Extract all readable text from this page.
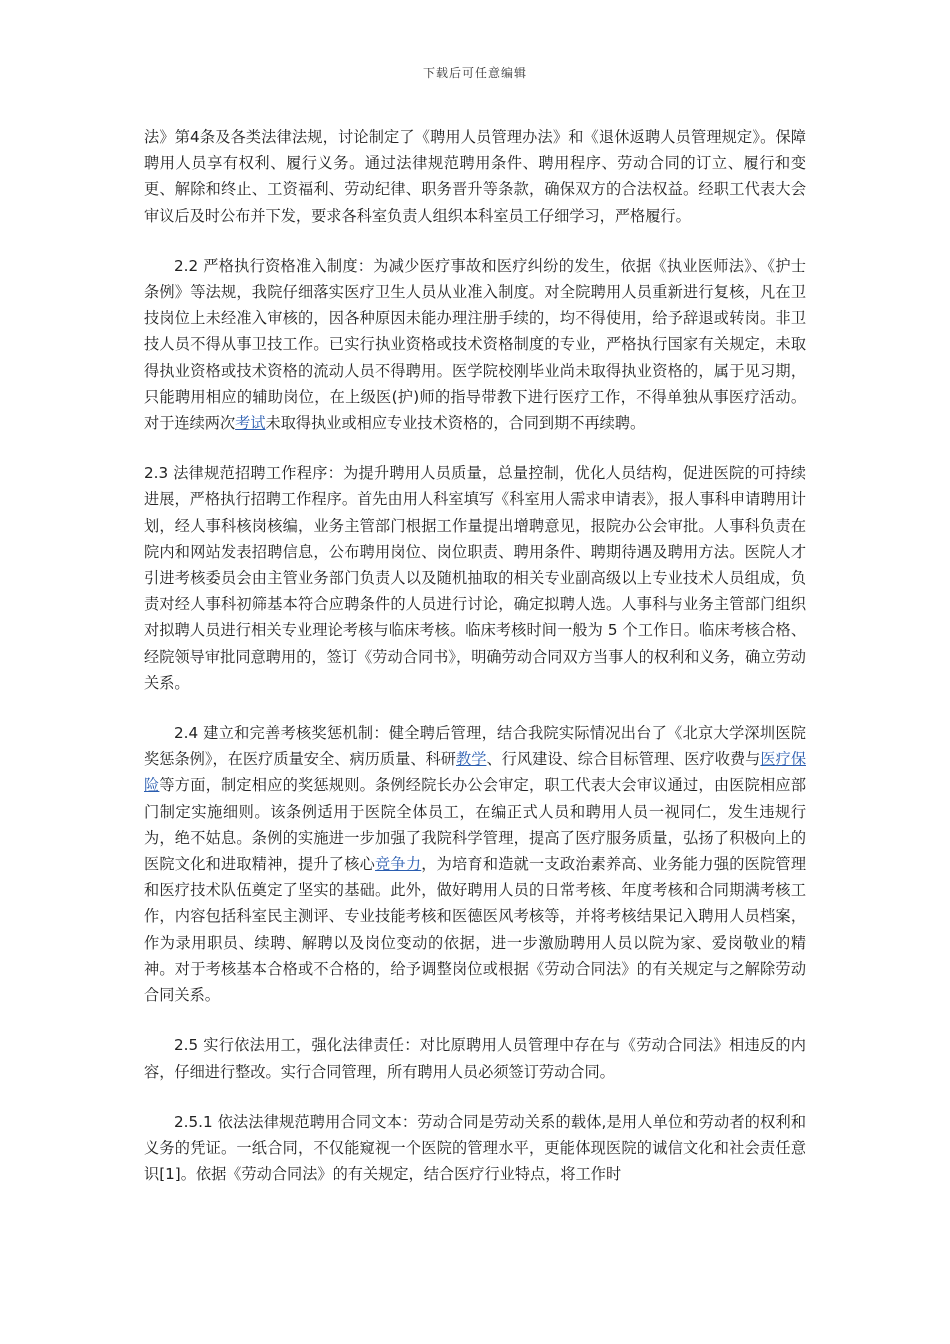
下载后可任意编辑

法》第4条及各类法律法规，讨论制定了《聘用人员管理办法》和《退休返聘人员管理规定》。保障聘用人员享有权利、履行义务。通过法律规范聘用条件、聘用程序、劳动合同的订立、履行和变更、解除和终止、工资福利、劳动纪律、职务晋升等条款，确保双方的合法权益。经职工代表大会审议后及时公布并下发，要求各科室负责人组织本科室员工仔细学习，严格履行。

2.2 严格执行资格准入制度：为减少医疗事故和医疗纠纷的发生，依据《执业医师法》、《护士条例》等法规，我院仔细落实医疗卫生人员从业准入制度。对全院聘用人员重新进行复核，凡在卫技岗位上未经准入审核的，因各种原因未能办理注册手续的，均不得使用，给予辞退或转岗。非卫技人员不得从事卫技工作。已实行执业资格或技术资格制度的专业，严格执行国家有关规定，未取得执业资格或技术资格的流动人员不得聘用。医学院校刚毕业尚未取得执业资格的，属于见习期，只能聘用相应的辅助岗位，在上级医(护)师的指导带教下进行医疗工作，不得单独从事医疗活动。对于连续两次考试未取得执业或相应专业技术资格的，合同到期不再续聘。

2.3 法律规范招聘工作程序：为提升聘用人员质量，总量控制，优化人员结构，促进医院的可持续进展，严格执行招聘工作程序。首先由用人科室填写《科室用人需求申请表》，报人事科申请聘用计划，经人事科核岗核编，业务主管部门根据工作量提出增聘意见，报院办公会审批。人事科负责在院内和网站发表招聘信息，公布聘用岗位、岗位职责、聘用条件、聘期待遇及聘用方法。医院人才引进考核委员会由主管业务部门负责人以及随机抽取的相关专业副高级以上专业技术人员组成，负责对经人事科初筛基本符合应聘条件的人员进行讨论，确定拟聘人选。人事科与业务主管部门组织对拟聘人员进行相关专业理论考核与临床考核。临床考核时间一般为 5 个工作日。临床考核合格、经院领导审批同意聘用的，签订《劳动合同书》，明确劳动合同双方当事人的权利和义务，确立劳动关系。

2.4 建立和完善考核奖惩机制：健全聘后管理，结合我院实际情况出台了《北京大学深圳医院奖惩条例》，在医疗质量安全、病历质量、科研教学、行风建设、综合目标管理、医疗收费与医疗保险等方面，制定相应的奖惩规则。条例经院长办公会审定，职工代表大会审议通过，由医院相应部门制定实施细则。该条例适用于医院全体员工，在编正式人员和聘用人员一视同仁，发生违规行为，绝不姑息。条例的实施进一步加强了我院科学管理，提高了医疗服务质量，弘扬了积极向上的医院文化和进取精神，提升了核心竞争力，为培育和造就一支政治素养高、业务能力强的医院管理和医疗技术队伍奠定了坚实的基础。此外，做好聘用人员的日常考核、年度考核和合同期满考核工作，内容包括科室民主测评、专业技能考核和医德医风考核等，并将考核结果记入聘用人员档案，作为录用职员、续聘、解聘以及岗位变动的依据，进一步激励聘用人员以院为家、爱岗敬业的精神。对于考核基本合格或不合格的，给予调整岗位或根据《劳动合同法》的有关规定与之解除劳动合同关系。

2.5 实行依法用工，强化法律责任：对比原聘用人员管理中存在与《劳动合同法》相违反的内容，仔细进行整改。实行合同管理，所有聘用人员必须签订劳动合同。

2.5.1 依法法律规范聘用合同文本：劳动合同是劳动关系的载体,是用人单位和劳动者的权利和义务的凭证。一纸合同，不仅能窥视一个医院的管理水平，更能体现医院的诚信文化和社会责任意识[1]。依据《劳动合同法》的有关规定，结合医疗行业特点，将工作时
